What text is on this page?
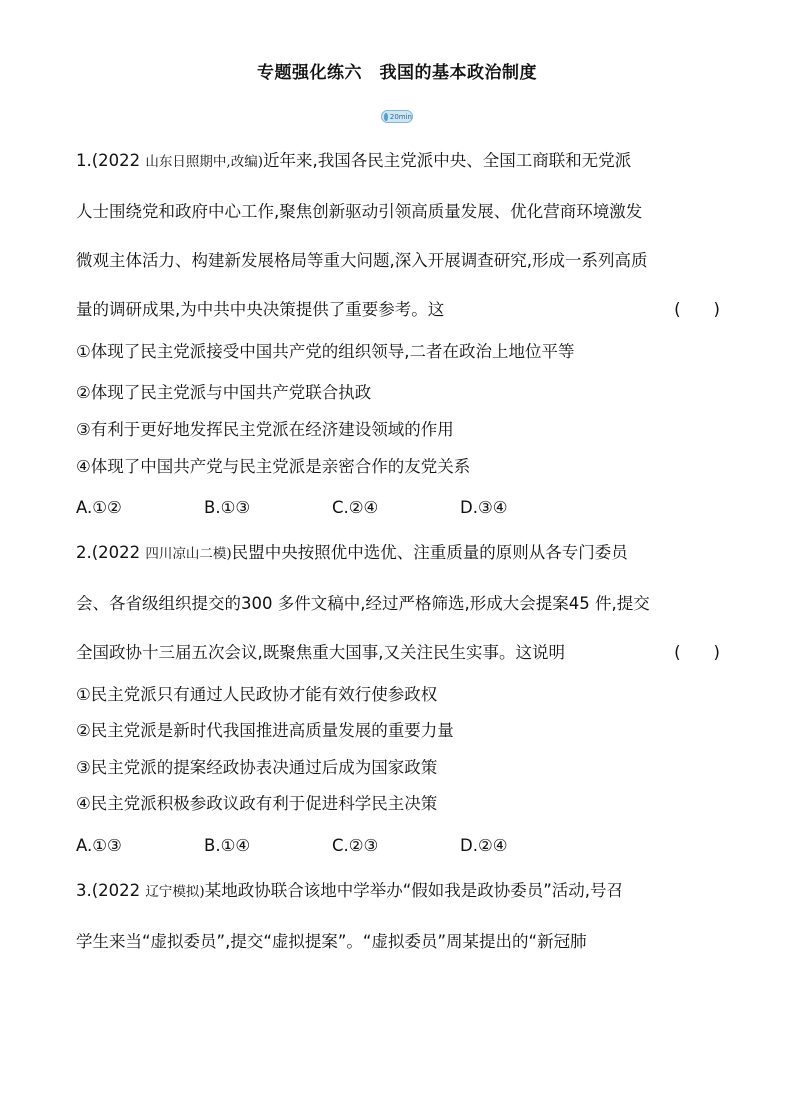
专题强化练六　我国的基本政治制度
20min
1.(2022 山东日照期中,改编)近年来,我国各民主党派中央、全国工商联和无党派
人士围绕党和政府中心工作,聚焦创新驱动引领高质量发展、优化营商环境激发
微观主体活力、构建新发展格局等重大问题,深入开展调查研究,形成一系列高质
量的调研成果,为中共中央决策提供了重要参考。这	(　　)
①体现了民主党派接受中国共产党的组织领导,二者在政治上地位平等
②体现了民主党派与中国共产党联合执政
③有利于更好地发挥民主党派在经济建设领域的作用
④体现了中国共产党与民主党派是亲密合作的友党关系
A.①②	B.①③	C.②④	D.③④
2.(2022 四川凉山二模)民盟中央按照优中选优、注重质量的原则从各专门委员
会、各省级组织提交的300 多件文稿中,经过严格筛选,形成大会提案45 件,提交
全国政协十三届五次会议,既聚焦重大国事,又关注民生实事。这说明	(　　)
①民主党派只有通过人民政协才能有效行使参政权
②民主党派是新时代我国推进高质量发展的重要力量
③民主党派的提案经政协表决通过后成为国家政策
④民主党派积极参政议政有利于促进科学民主决策
A.①③	B.①④	C.②③	D.②④
3.(2022 辽宁模拟)某地政协联合该地中学举办“假如我是政协委员”活动,号召
学生来当“虚拟委员”,提交“虚拟提案”。“虚拟委员”周某提出的“新冠肺
